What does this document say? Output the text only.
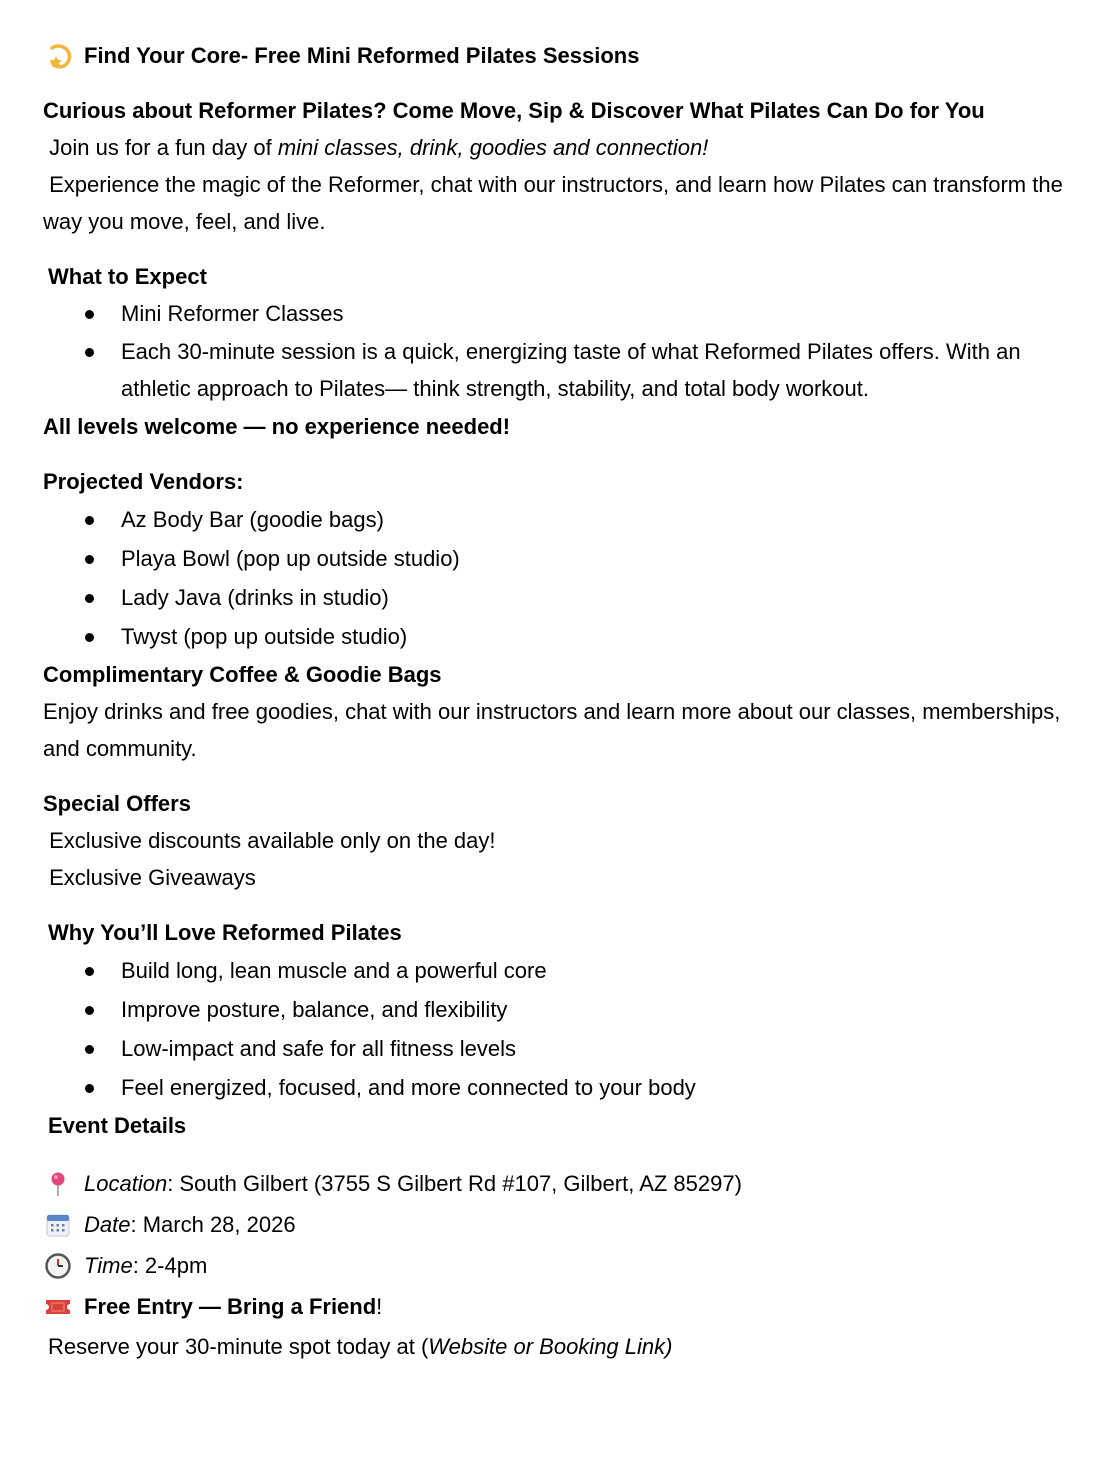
Find Your Core- Free Mini Reformed Pilates Sessions
Curious about Reformer Pilates? Come Move, Sip & Discover What Pilates Can Do for You
Join us for a fun day of mini classes, drink, goodies and connection!
Experience the magic of the Reformer, chat with our instructors, and learn how Pilates can transform the way you move, feel, and live.
What to Expect
Mini Reformer Classes
Each 30-minute session is a quick, energizing taste of what Reformed Pilates offers. With an athletic approach to Pilates— think strength, stability, and total body workout.
All levels welcome — no experience needed!
Projected Vendors:
Az Body Bar (goodie bags)
Playa Bowl (pop up outside studio)
Lady Java (drinks in studio)
Twyst (pop up outside studio)
Complimentary Coffee & Goodie Bags
Enjoy drinks and free goodies, chat with our instructors and learn more about our classes, memberships, and community.
Special Offers
Exclusive discounts available only on the day!
Exclusive Giveaways
Why You’ll Love Reformed Pilates
Build long, lean muscle and a powerful core
Improve posture, balance, and flexibility
Low-impact and safe for all fitness levels
Feel energized, focused, and more connected to your body
Event Details
Location: South Gilbert (3755 S Gilbert Rd #107, Gilbert, AZ 85297)
Date: March 28, 2026
Time: 2-4pm
Free Entry — Bring a Friend!
Reserve your 30-minute spot today at (Website or Booking Link)
